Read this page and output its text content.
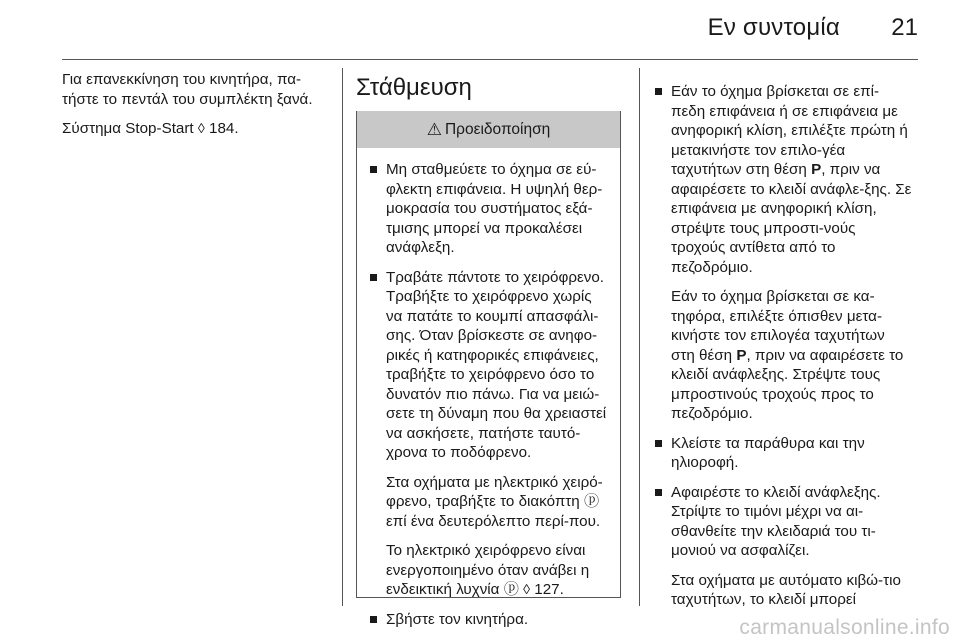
Εν συντομία 21

Για επανεκκίνηση του κινητήρα, πα-τήστε το πεντάλ του συμπλέκτη ξανά.

Σύστημα Stop-Start ◊ 184.

Στάθμευση
⚠ Προειδοποίηση

Μη σταθμεύετε το όχημα σε εύ-φλεκτη επιφάνεια. Η υψηλή θερ-μοκρασία του συστήματος εξά-τμισης μπορεί να προκαλέσει ανάφλεξη.

Τραβάτε πάντοτε το χειρόφρενο. Τραβήξτε το χειρόφρενο χωρίς να πατάτε το κουμπί απασφάλι-σης. Όταν βρίσκεστε σε ανηφο-ρικές ή κατηφορικές επιφάνειες, τραβήξτε το χειρόφρενο όσο το δυνατόν πιο πάνω. Για να μειώ-σετε τη δύναμη που θα χρειαστεί να ασκήσετε, πατήστε ταυτό-χρονα το ποδόφρενο.

Στα οχήματα με ηλεκτρικό χειρό-φρενο, τραβήξτε το διακόπτη ⓟ επί ένα δευτερόλεπτο περί-που.

Το ηλεκτρικό χειρόφρενο είναι ενεργοποιημένο όταν ανάβει η ενδεικτική λυχνία ⓟ ◊ 127.

Σβήστε τον κινητήρα.

Εάν το όχημα βρίσκεται σε επί-πεδη επιφάνεια ή σε επιφάνεια με ανηφορική κλίση, επιλέξτε πρώτη ή μετακινήστε τον επιλο-γέα ταχυτήτων στη θέση P, πριν να αφαιρέσετε το κλειδί ανάφλε-ξης. Σε επιφάνεια με ανηφορική κλίση, στρέψτε τους μπροστι-νούς τροχούς αντίθετα από το πεζοδρόμιο.

Εάν το όχημα βρίσκεται σε κα-τηφόρα, επιλέξτε όπισθεν μετα-κινήστε τον επιλογέα ταχυτήτων στη θέση P, πριν να αφαιρέσετε το κλειδί ανάφλεξης. Στρέψτε τους μπροστινούς τροχούς προς το πεζοδρόμιο.

Κλείστε τα παράθυρα και την ηλιοροφή.

Αφαιρέστε το κλειδί ανάφλεξης. Στρίψτε το τιμόνι μέχρι να αι-σθανθείτε την κλειδαριά του τι-μονιού να ασφαλίζει.

Στα οχήματα με αυτόματο κιβώ-τιο ταχυτήτων, το κλειδί μπορεί

carmanualsonline.info
